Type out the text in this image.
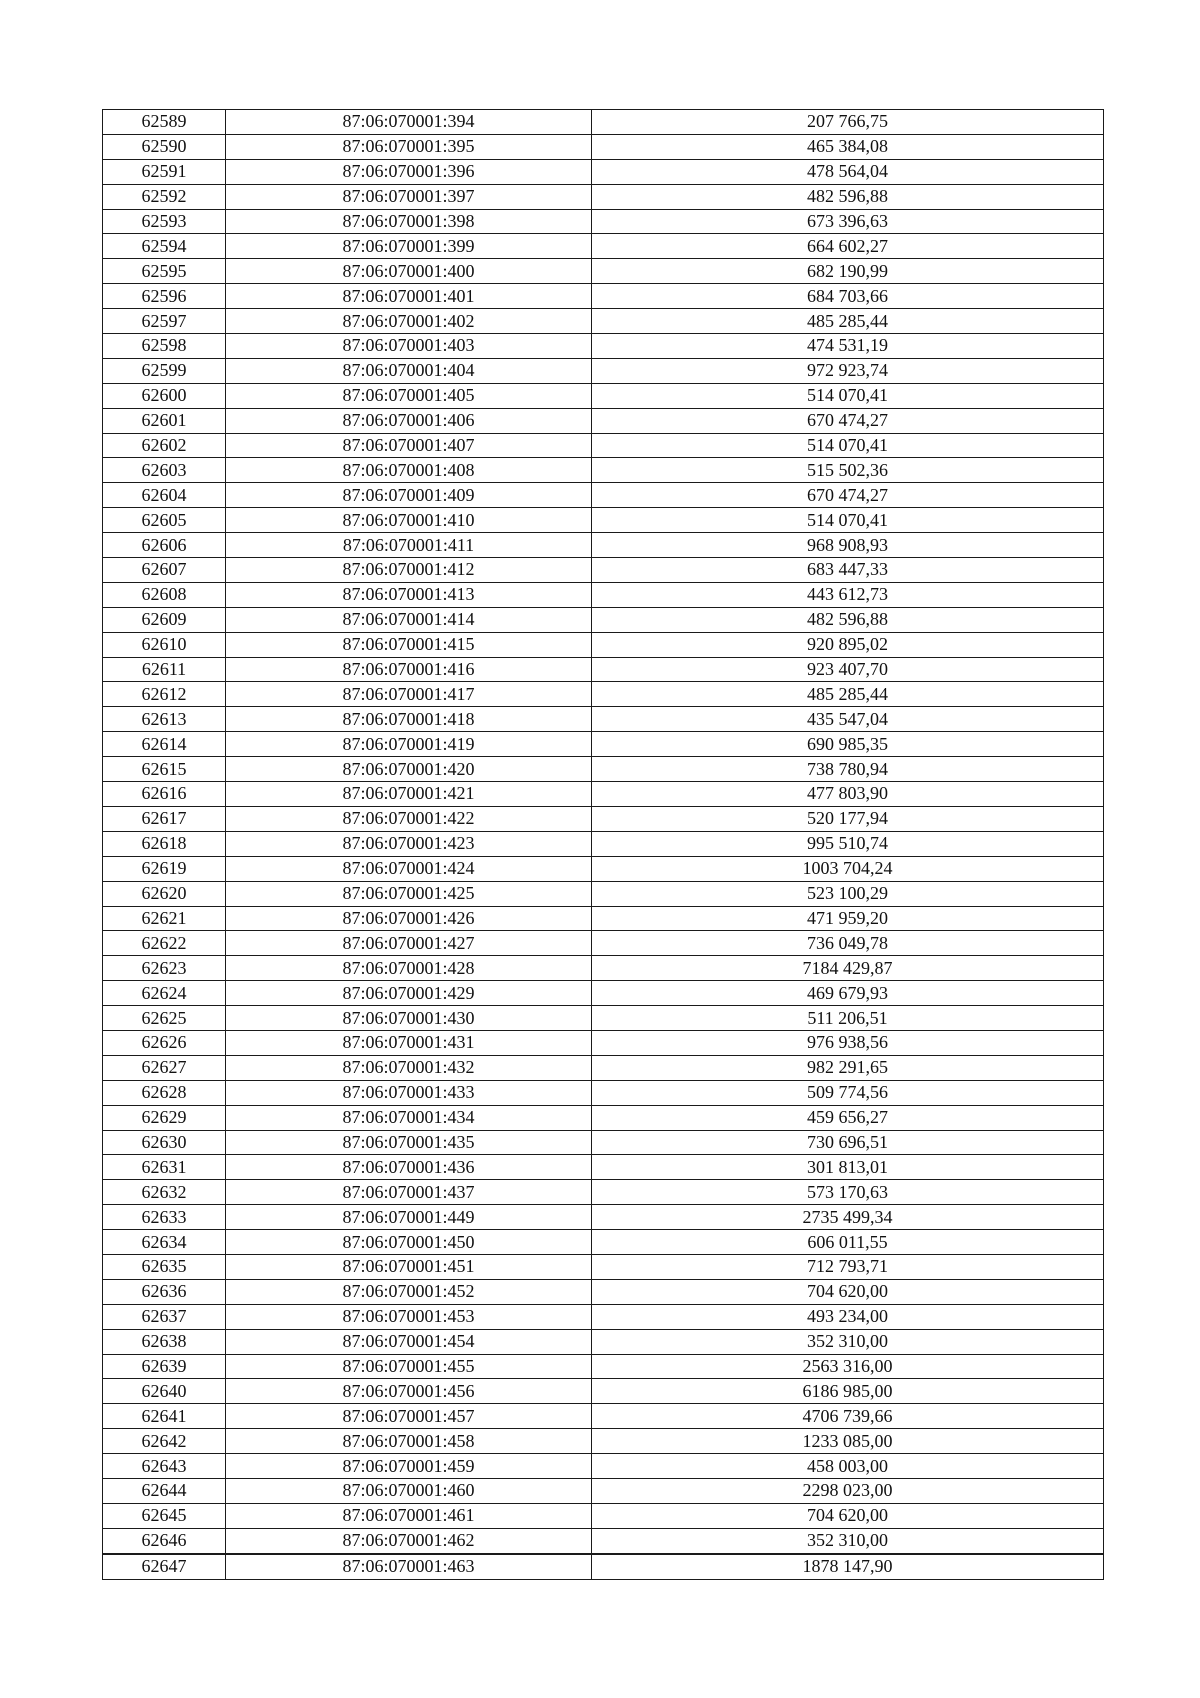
62589	87:06:070001:394	207 766,75
62590	87:06:070001:395	465 384,08
62591	87:06:070001:396	478 564,04
62592	87:06:070001:397	482 596,88
62593	87:06:070001:398	673 396,63
62594	87:06:070001:399	664 602,27
62595	87:06:070001:400	682 190,99
62596	87:06:070001:401	684 703,66
62597	87:06:070001:402	485 285,44
62598	87:06:070001:403	474 531,19
62599	87:06:070001:404	972 923,74
62600	87:06:070001:405	514 070,41
62601	87:06:070001:406	670 474,27
62602	87:06:070001:407	514 070,41
62603	87:06:070001:408	515 502,36
62604	87:06:070001:409	670 474,27
62605	87:06:070001:410	514 070,41
62606	87:06:070001:411	968 908,93
62607	87:06:070001:412	683 447,33
62608	87:06:070001:413	443 612,73
62609	87:06:070001:414	482 596,88
62610	87:06:070001:415	920 895,02
62611	87:06:070001:416	923 407,70
62612	87:06:070001:417	485 285,44
62613	87:06:070001:418	435 547,04
62614	87:06:070001:419	690 985,35
62615	87:06:070001:420	738 780,94
62616	87:06:070001:421	477 803,90
62617	87:06:070001:422	520 177,94
62618	87:06:070001:423	995 510,74
62619	87:06:070001:424	1003 704,24
62620	87:06:070001:425	523 100,29
62621	87:06:070001:426	471 959,20
62622	87:06:070001:427	736 049,78
62623	87:06:070001:428	7184 429,87
62624	87:06:070001:429	469 679,93
62625	87:06:070001:430	511 206,51
62626	87:06:070001:431	976 938,56
62627	87:06:070001:432	982 291,65
62628	87:06:070001:433	509 774,56
62629	87:06:070001:434	459 656,27
62630	87:06:070001:435	730 696,51
62631	87:06:070001:436	301 813,01
62632	87:06:070001:437	573 170,63
62633	87:06:070001:449	2735 499,34
62634	87:06:070001:450	606 011,55
62635	87:06:070001:451	712 793,71
62636	87:06:070001:452	704 620,00
62637	87:06:070001:453	493 234,00
62638	87:06:070001:454	352 310,00
62639	87:06:070001:455	2563 316,00
62640	87:06:070001:456	6186 985,00
62641	87:06:070001:457	4706 739,66
62642	87:06:070001:458	1233 085,00
62643	87:06:070001:459	458 003,00
62644	87:06:070001:460	2298 023,00
62645	87:06:070001:461	704 620,00
62646	87:06:070001:462	352 310,00
62647	87:06:070001:463	1878 147,90
